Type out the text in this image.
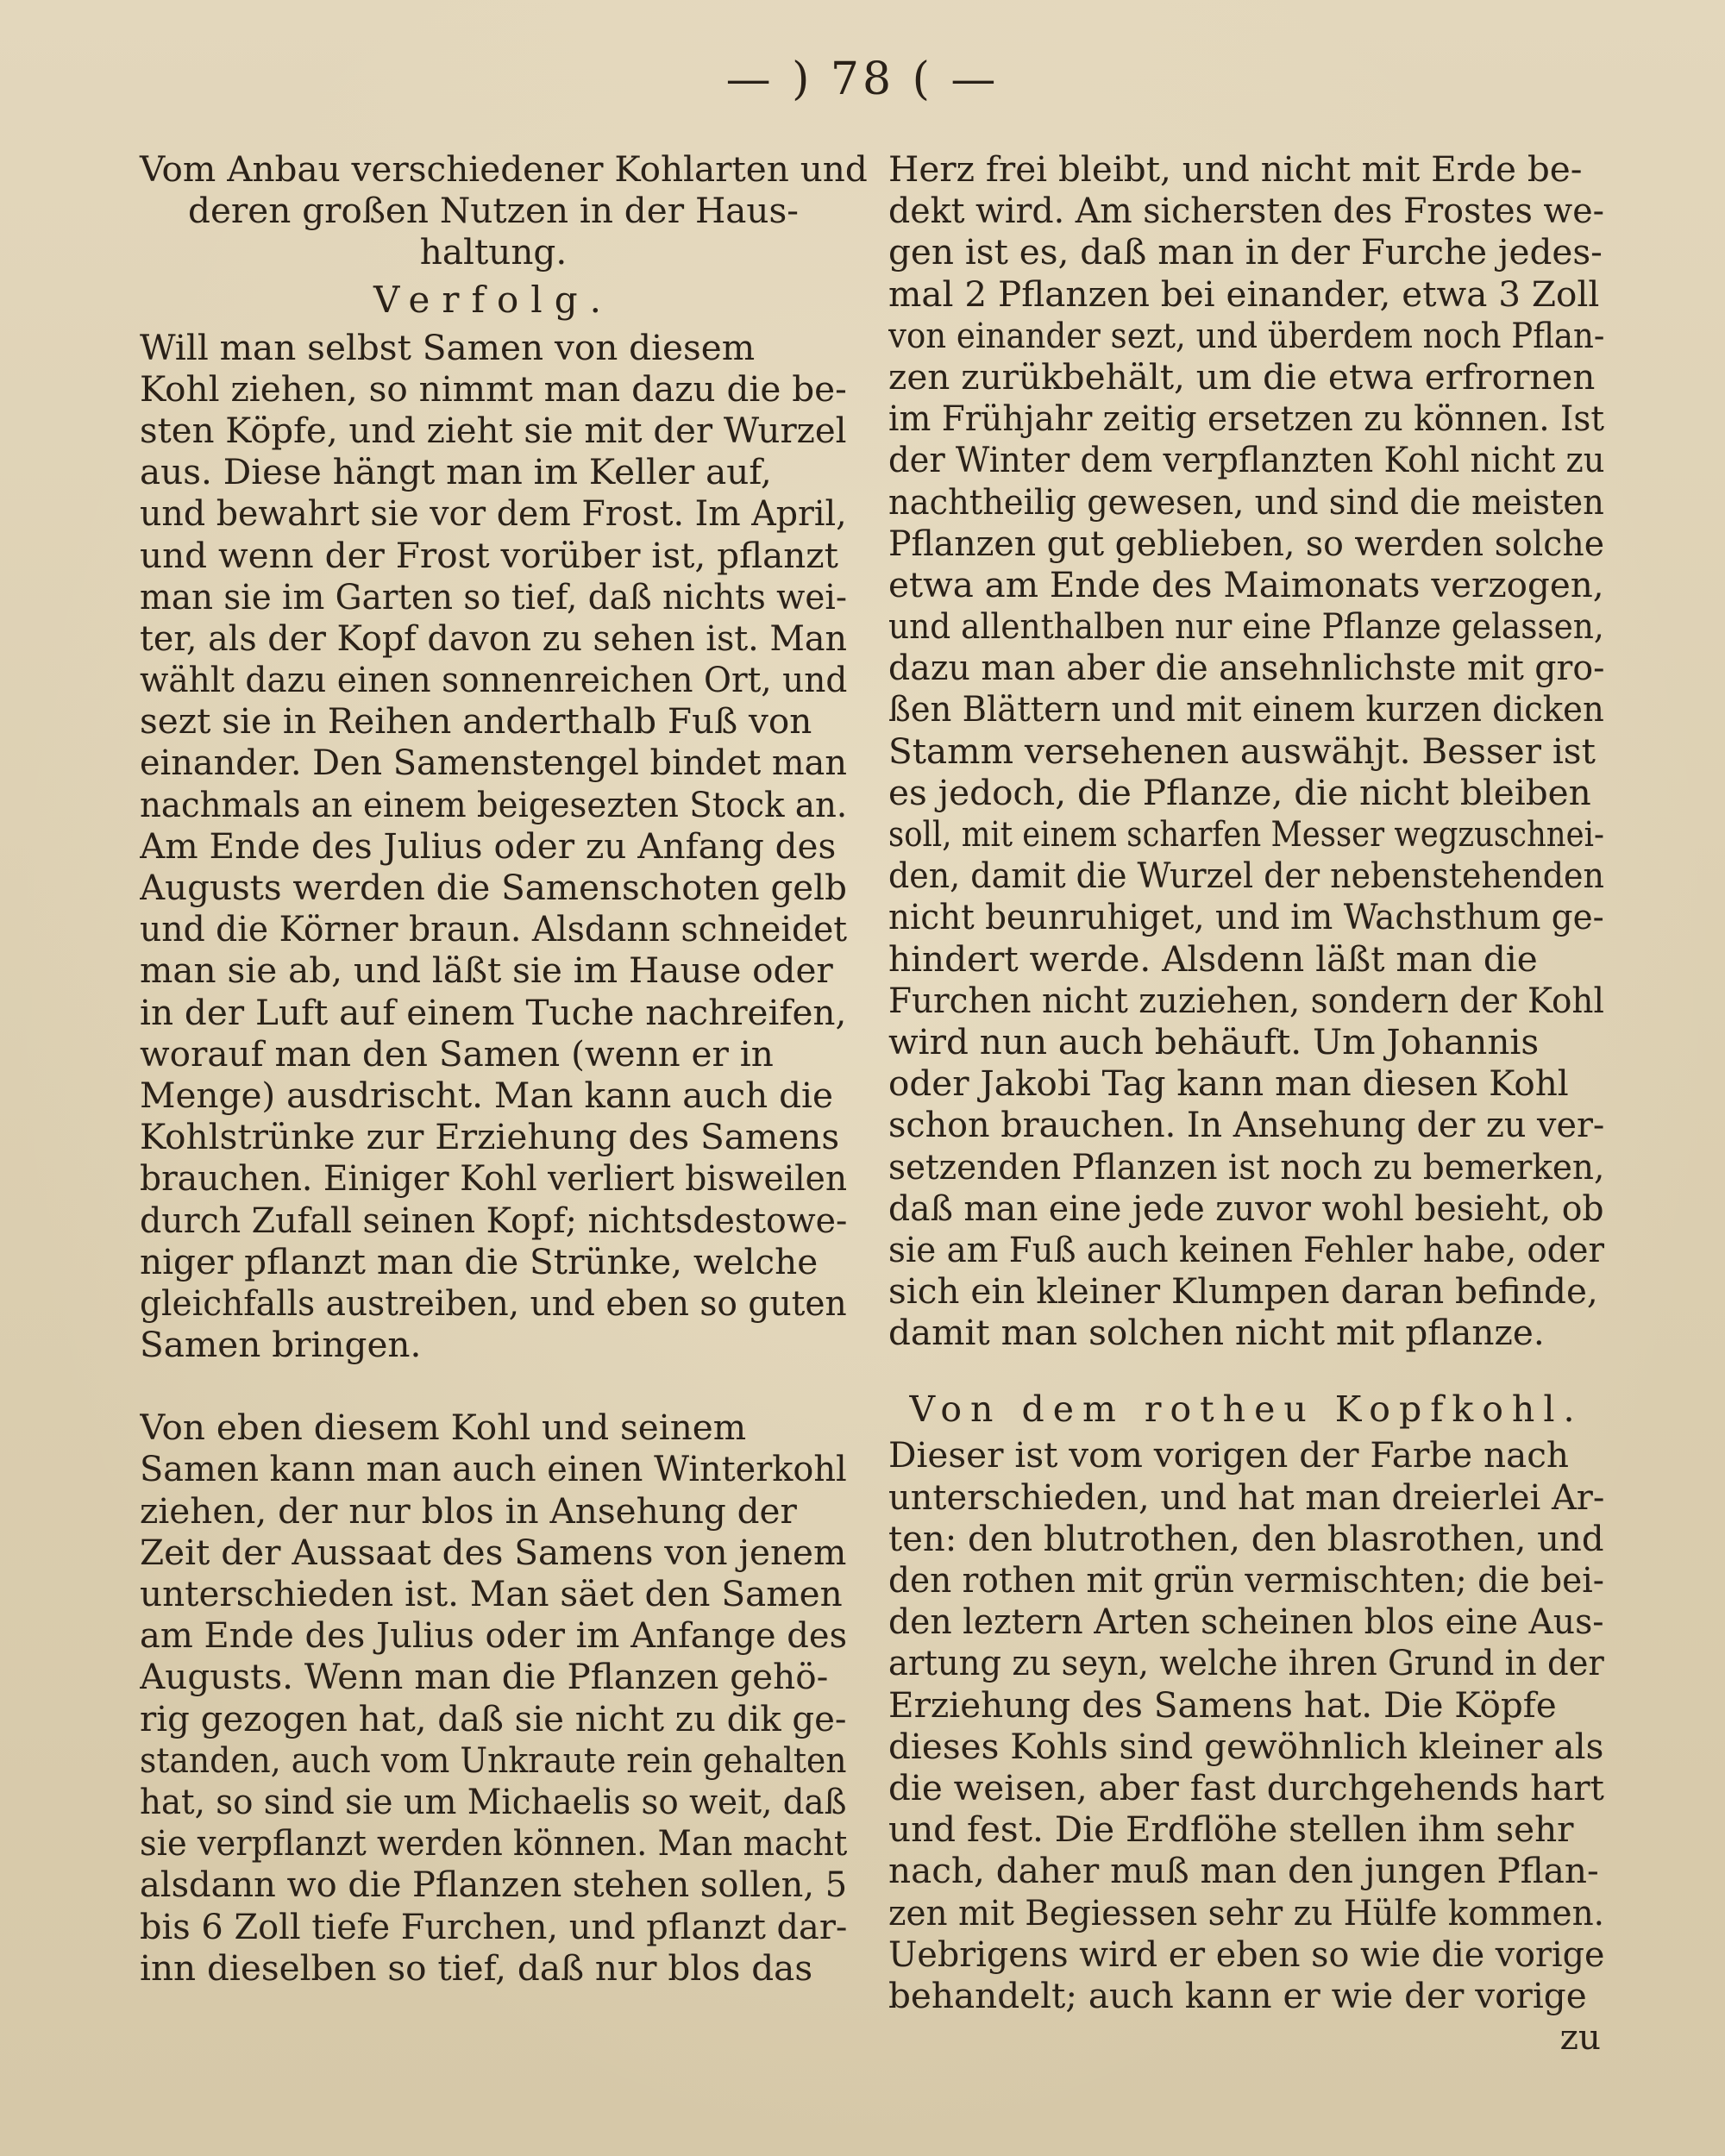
— ) 78 ( —
Vom Anbau verschiedener Kohlarten und
deren großen Nutzen in der Haus-
haltung.
Verfolg.
Will man selbst Samen von diesem
Kohl ziehen, so nimmt man dazu die be-
sten Köpfe, und zieht sie mit der Wurzel
aus. Diese hängt man im Keller auf,
und bewahrt sie vor dem Frost. Im April,
und wenn der Frost vorüber ist, pflanzt
man sie im Garten so tief, daß nichts wei-
ter, als der Kopf davon zu sehen ist. Man
wählt dazu einen sonnenreichen Ort, und
sezt sie in Reihen anderthalb Fuß von
einander. Den Samenstengel bindet man
nachmals an einem beigesezten Stock an.
Am Ende des Julius oder zu Anfang des
Augusts werden die Samenschoten gelb
und die Körner braun. Alsdann schneidet
man sie ab, und läßt sie im Hause oder
in der Luft auf einem Tuche nachreifen,
worauf man den Samen (wenn er in
Menge) ausdrischt. Man kann auch die
Kohlstrünke zur Erziehung des Samens
brauchen. Einiger Kohl verliert bisweilen
durch Zufall seinen Kopf; nichtsdestowe-
niger pflanzt man die Strünke, welche
gleichfalls austreiben, und eben so guten
Samen bringen.
Von eben diesem Kohl und seinem
Samen kann man auch einen Winterkohl
ziehen, der nur blos in Ansehung der
Zeit der Aussaat des Samens von jenem
unterschieden ist. Man säet den Samen
am Ende des Julius oder im Anfange des
Augusts. Wenn man die Pflanzen gehö-
rig gezogen hat, daß sie nicht zu dik ge-
standen, auch vom Unkraute rein gehalten
hat, so sind sie um Michaelis so weit, daß
sie verpflanzt werden können. Man macht
alsdann wo die Pflanzen stehen sollen, 5
bis 6 Zoll tiefe Furchen, und pflanzt dar-
inn dieselben so tief, daß nur blos das
Herz frei bleibt, und nicht mit Erde be-
dekt wird. Am sichersten des Frostes we-
gen ist es, daß man in der Furche jedes-
mal 2 Pflanzen bei einander, etwa 3 Zoll
von einander sezt, und überdem noch Pflan-
zen zurükbehält, um die etwa erfrornen
im Frühjahr zeitig ersetzen zu können. Ist
der Winter dem verpflanzten Kohl nicht zu
nachtheilig gewesen, und sind die meisten
Pflanzen gut geblieben, so werden solche
etwa am Ende des Maimonats verzogen,
und allenthalben nur eine Pflanze gelassen,
dazu man aber die ansehnlichste mit gro-
ßen Blättern und mit einem kurzen dicken
Stamm versehenen auswähjt. Besser ist
es jedoch, die Pflanze, die nicht bleiben
soll, mit einem scharfen Messer wegzuschnei-
den, damit die Wurzel der nebenstehenden
nicht beunruhiget, und im Wachsthum ge-
hindert werde. Alsdenn läßt man die
Furchen nicht zuziehen, sondern der Kohl
wird nun auch behäuft. Um Johannis
oder Jakobi Tag kann man diesen Kohl
schon brauchen. In Ansehung der zu ver-
setzenden Pflanzen ist noch zu bemerken,
daß man eine jede zuvor wohl besieht, ob
sie am Fuß auch keinen Fehler habe, oder
sich ein kleiner Klumpen daran befinde,
damit man solchen nicht mit pflanze.
Von dem rotheu Kopfkohl.
Dieser ist vom vorigen der Farbe nach
unterschieden, und hat man dreierlei Ar-
ten: den blutrothen, den blasrothen, und
den rothen mit grün vermischten; die bei-
den leztern Arten scheinen blos eine Aus-
artung zu seyn, welche ihren Grund in der
Erziehung des Samens hat. Die Köpfe
dieses Kohls sind gewöhnlich kleiner als
die weisen, aber fast durchgehends hart
und fest. Die Erdflöhe stellen ihm sehr
nach, daher muß man den jungen Pflan-
zen mit Begiessen sehr zu Hülfe kommen.
Uebrigens wird er eben so wie die vorige
behandelt; auch kann er wie der vorige
zu
